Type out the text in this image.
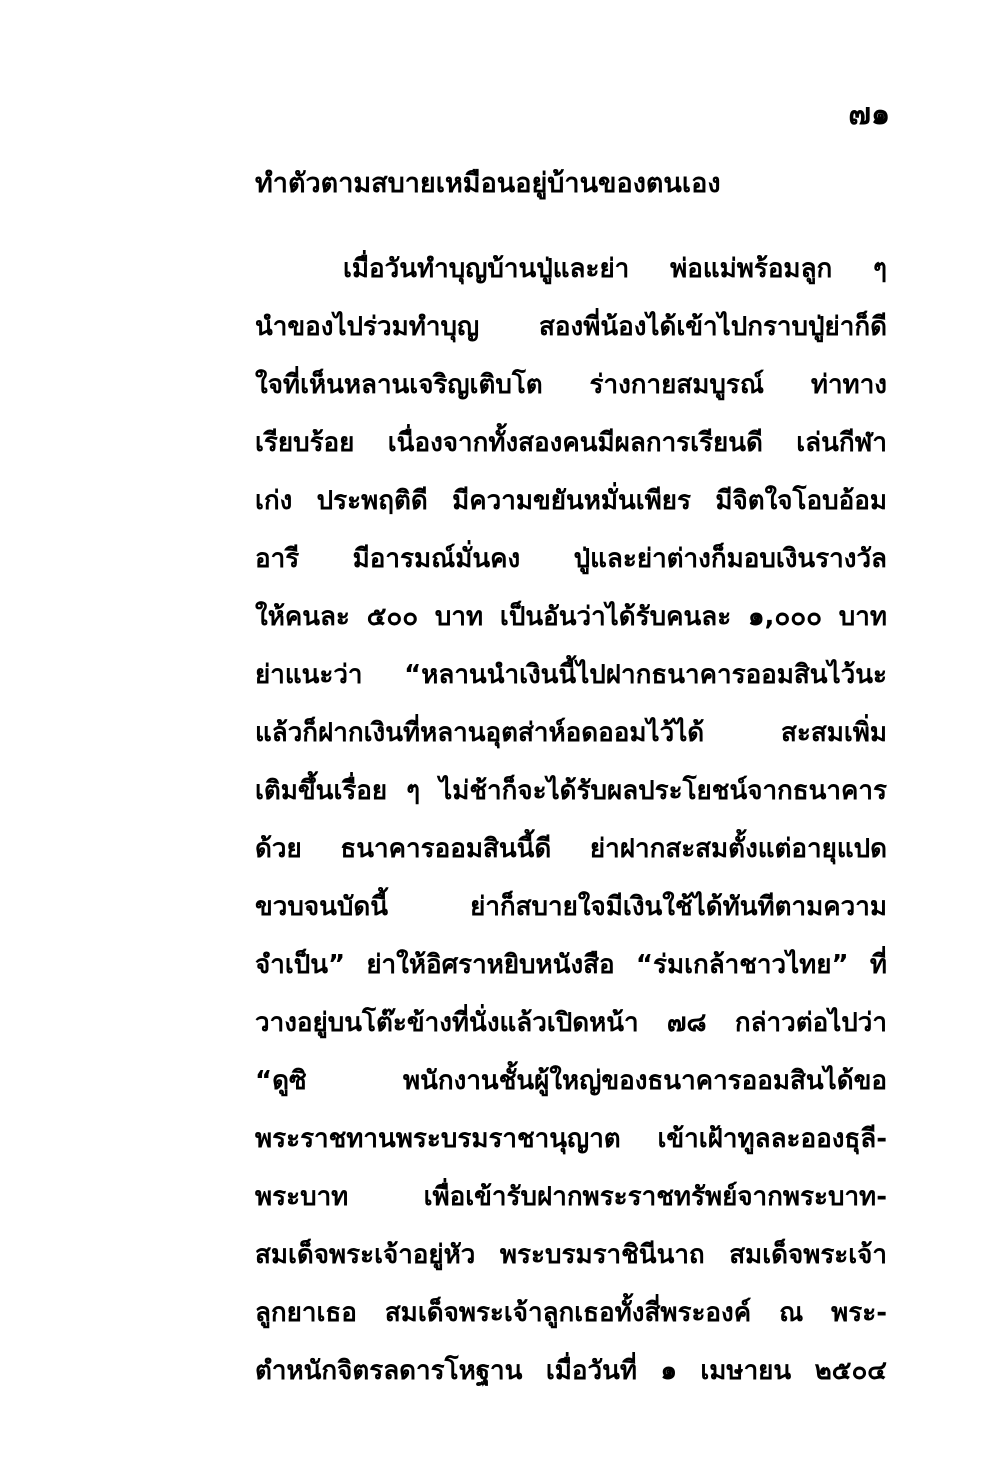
๗๑
ทำตัวตามสบายเหมือนอยู่บ้านของตนเอง
เมื่อวันทำบุญบ้านปู่และย่า พ่อแม่พร้อมลูก ๆ
นำของไปร่วมทำบุญ สองพี่น้องได้เข้าไปกราบปู่ย่าก็ดี
ใจที่เห็นหลานเจริญเติบโต ร่างกายสมบูรณ์ ท่าทาง
เรียบร้อย เนื่องจากทั้งสองคนมีผลการเรียนดี เล่นกีฬา
เก่ง ประพฤติดี มีความขยันหมั่นเพียร มีจิตใจโอบอ้อม
อารี มีอารมณ์มั่นคง ปู่และย่าต่างก็มอบเงินรางวัล
ให้คนละ ๕๐๐ บาท เป็นอันว่าได้รับคนละ ๑,๐๐๐ บาท
ย่าแนะว่า “หลานนำเงินนี้ไปฝากธนาคารออมสินไว้นะ
แล้วก็ฝากเงินที่หลานอุตส่าห์อดออมไว้ได้ สะสมเพิ่ม
เติมขึ้นเรื่อย ๆ ไม่ช้าก็จะได้รับผลประโยชน์จากธนาคาร
ด้วย ธนาคารออมสินนี้ดี ย่าฝากสะสมตั้งแต่อายุแปด
ขวบจนบัดนี้ ย่าก็สบายใจมีเงินใช้ได้ทันทีตามความ
จำเป็น” ย่าให้อิศราหยิบหนังสือ “ร่มเกล้าชาวไทย” ที่
วางอยู่บนโต๊ะข้างที่นั่งแล้วเปิดหน้า ๗๘ กล่าวต่อไปว่า
“ดูซิ พนักงานชั้นผู้ใหญ่ของธนาคารออมสินได้ขอ
พระราชทานพระบรมราชานุญาต เข้าเฝ้าทูลละอองธุลี-
พระบาท เพื่อเข้ารับฝากพระราชทรัพย์จากพระบาท-
สมเด็จพระเจ้าอยู่หัว พระบรมราชินีนาถ สมเด็จพระเจ้า
ลูกยาเธอ สมเด็จพระเจ้าลูกเธอทั้งสี่พระองค์ ณ พระ-
ตำหนักจิตรลดารโหฐาน เมื่อวันที่ ๑ เมษายน ๒๕๐๔
